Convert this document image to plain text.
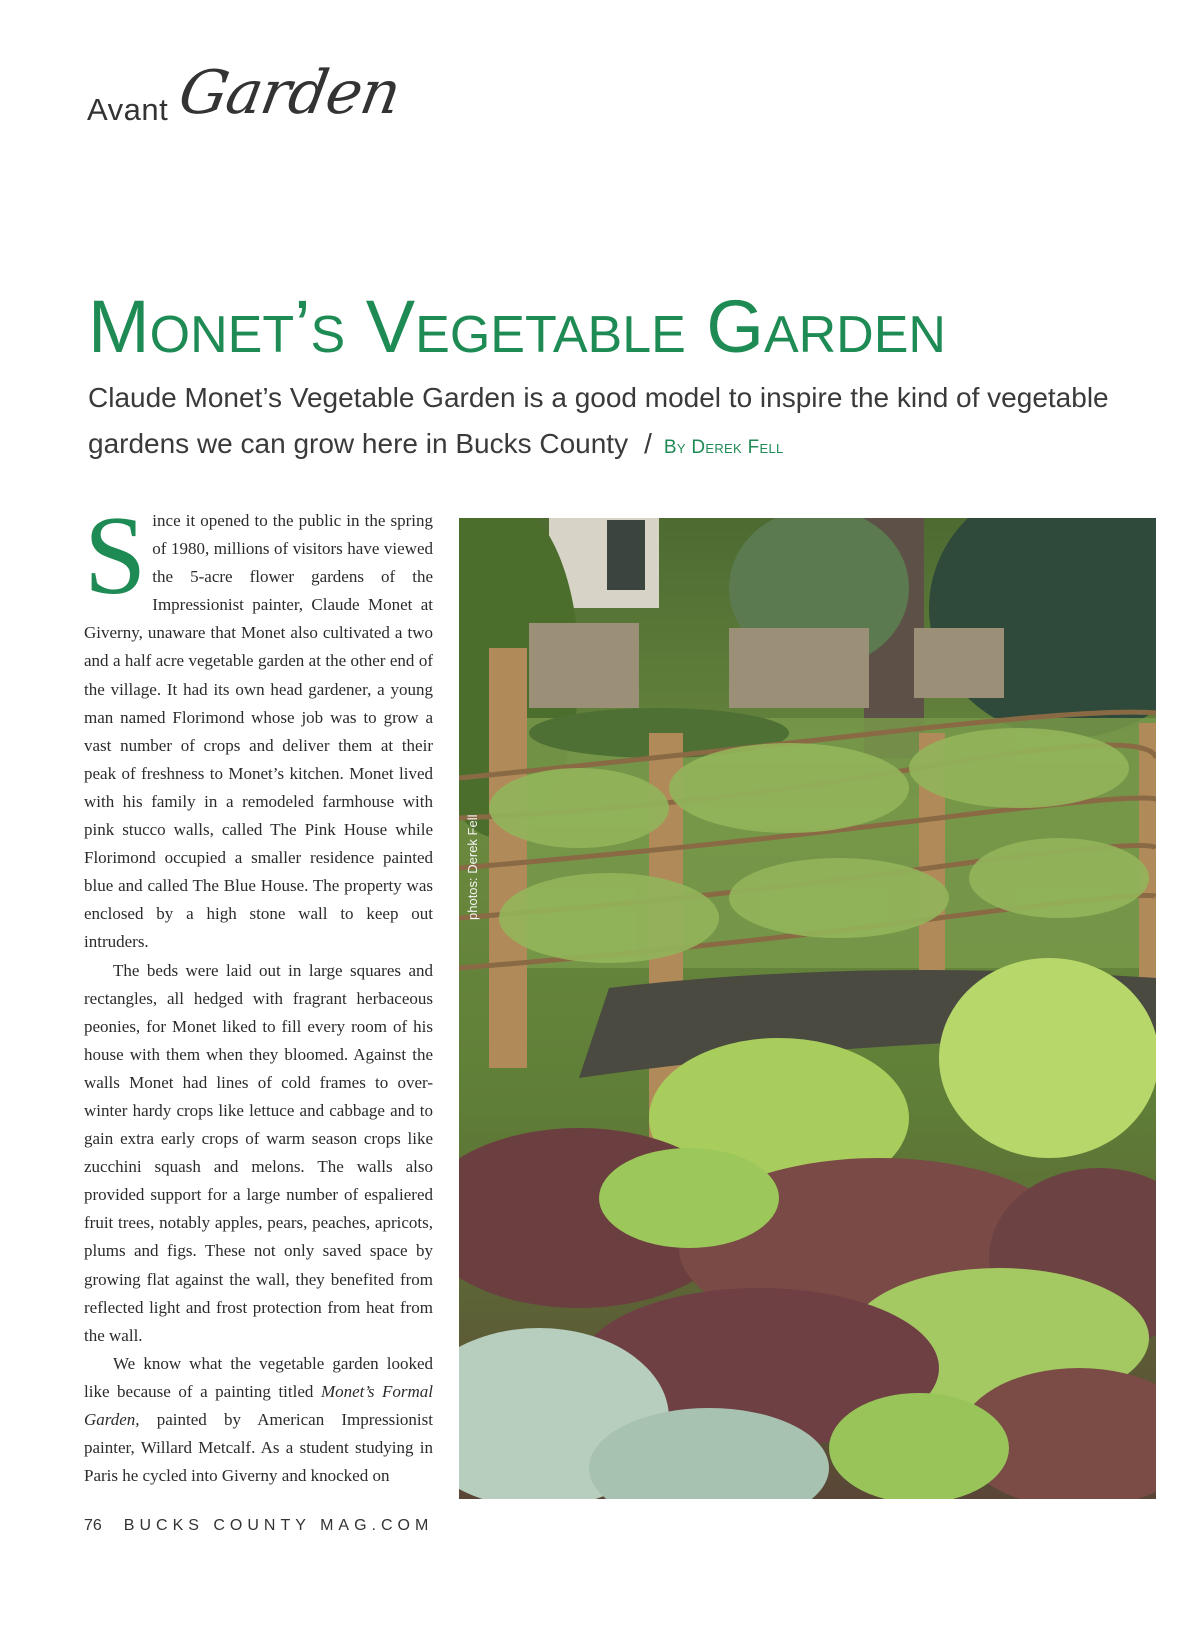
Avant Garden
Monet’s Vegetable Garden

Claude Monet’s Vegetable Garden is a good model to inspire the kind of vegetable gardens we can grow here in Bucks County / By Derek Fell

Since it opened to the public in the spring of 1980, millions of visitors have viewed the 5-acre flower gardens of the Impressionist painter, Claude Monet at Giverny, unaware that Monet also cultivated a two and a half acre vegetable garden at the other end of the village. It had its own head gardener, a young man named Florimond whose job was to grow a vast number of crops and deliver them at their peak of freshness to Monet’s kitchen. Monet lived with his family in a remodeled farmhouse with pink stucco walls, called The Pink House while Florimond occupied a smaller residence painted blue and called The Blue House. The property was enclosed by a high stone wall to keep out intruders.

The beds were laid out in large squares and rectangles, all hedged with fragrant herbaceous peonies, for Monet liked to fill every room of his house with them when they bloomed. Against the walls Monet had lines of cold frames to over-winter hardy crops like lettuce and cabbage and to gain extra early crops of warm season crops like zucchini squash and melons. The walls also provided support for a large number of espaliered fruit trees, notably apples, pears, peaches, apricots, plums and figs. These not only saved space by growing flat against the wall, they benefited from reflected light and frost protection from heat from the wall.

We know what the vegetable garden looked like because of a painting titled Monet’s Formal Garden, painted by American Impressionist painter, Willard Metcalf. As a student studying in Paris he cycled into Giverny and knocked on

photos: Derek Fell
76 BUCKS COUNTY MAG.COM
